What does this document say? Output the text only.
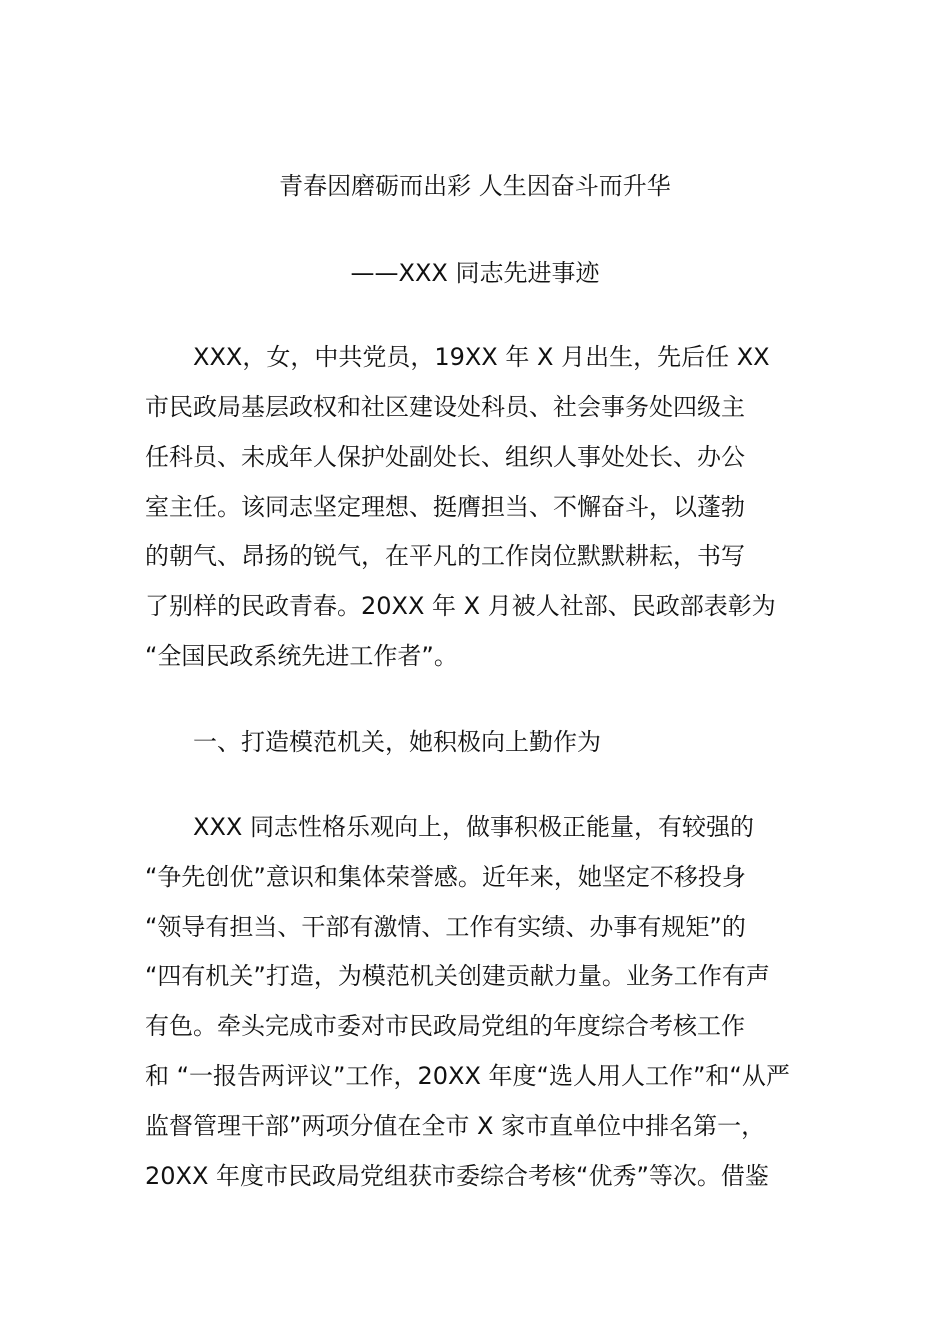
青春因磨砺而出彩 人生因奋斗而升华
——XXX 同志先进事迹
XXX，女，中共党员，19XX 年 X 月出生，先后任 XX
市民政局基层政权和社区建设处科员、社会事务处四级主
任科员、未成年人保护处副处长、组织人事处处长、办公
室主任。该同志坚定理想、挺膺担当、不懈奋斗，以蓬勃
的朝气、昂扬的锐气，在平凡的工作岗位默默耕耘，书写
了别样的民政青春。20XX 年 X 月被人社部、民政部表彰为
“全国民政系统先进工作者”。
一、打造模范机关，她积极向上勤作为
XXX 同志性格乐观向上，做事积极正能量，有较强的
“争先创优”意识和集体荣誉感。近年来，她坚定不移投身
“领导有担当、干部有激情、工作有实绩、办事有规矩”的
“四有机关”打造，为模范机关创建贡献力量。业务工作有声
有色。牵头完成市委对市民政局党组的年度综合考核工作
和 “一报告两评议”工作，20XX 年度“选人用人工作”和“从严
监督管理干部”两项分值在全市 X 家市直单位中排名第一，
20XX 年度市民政局党组获市委综合考核“优秀”等次。借鉴
